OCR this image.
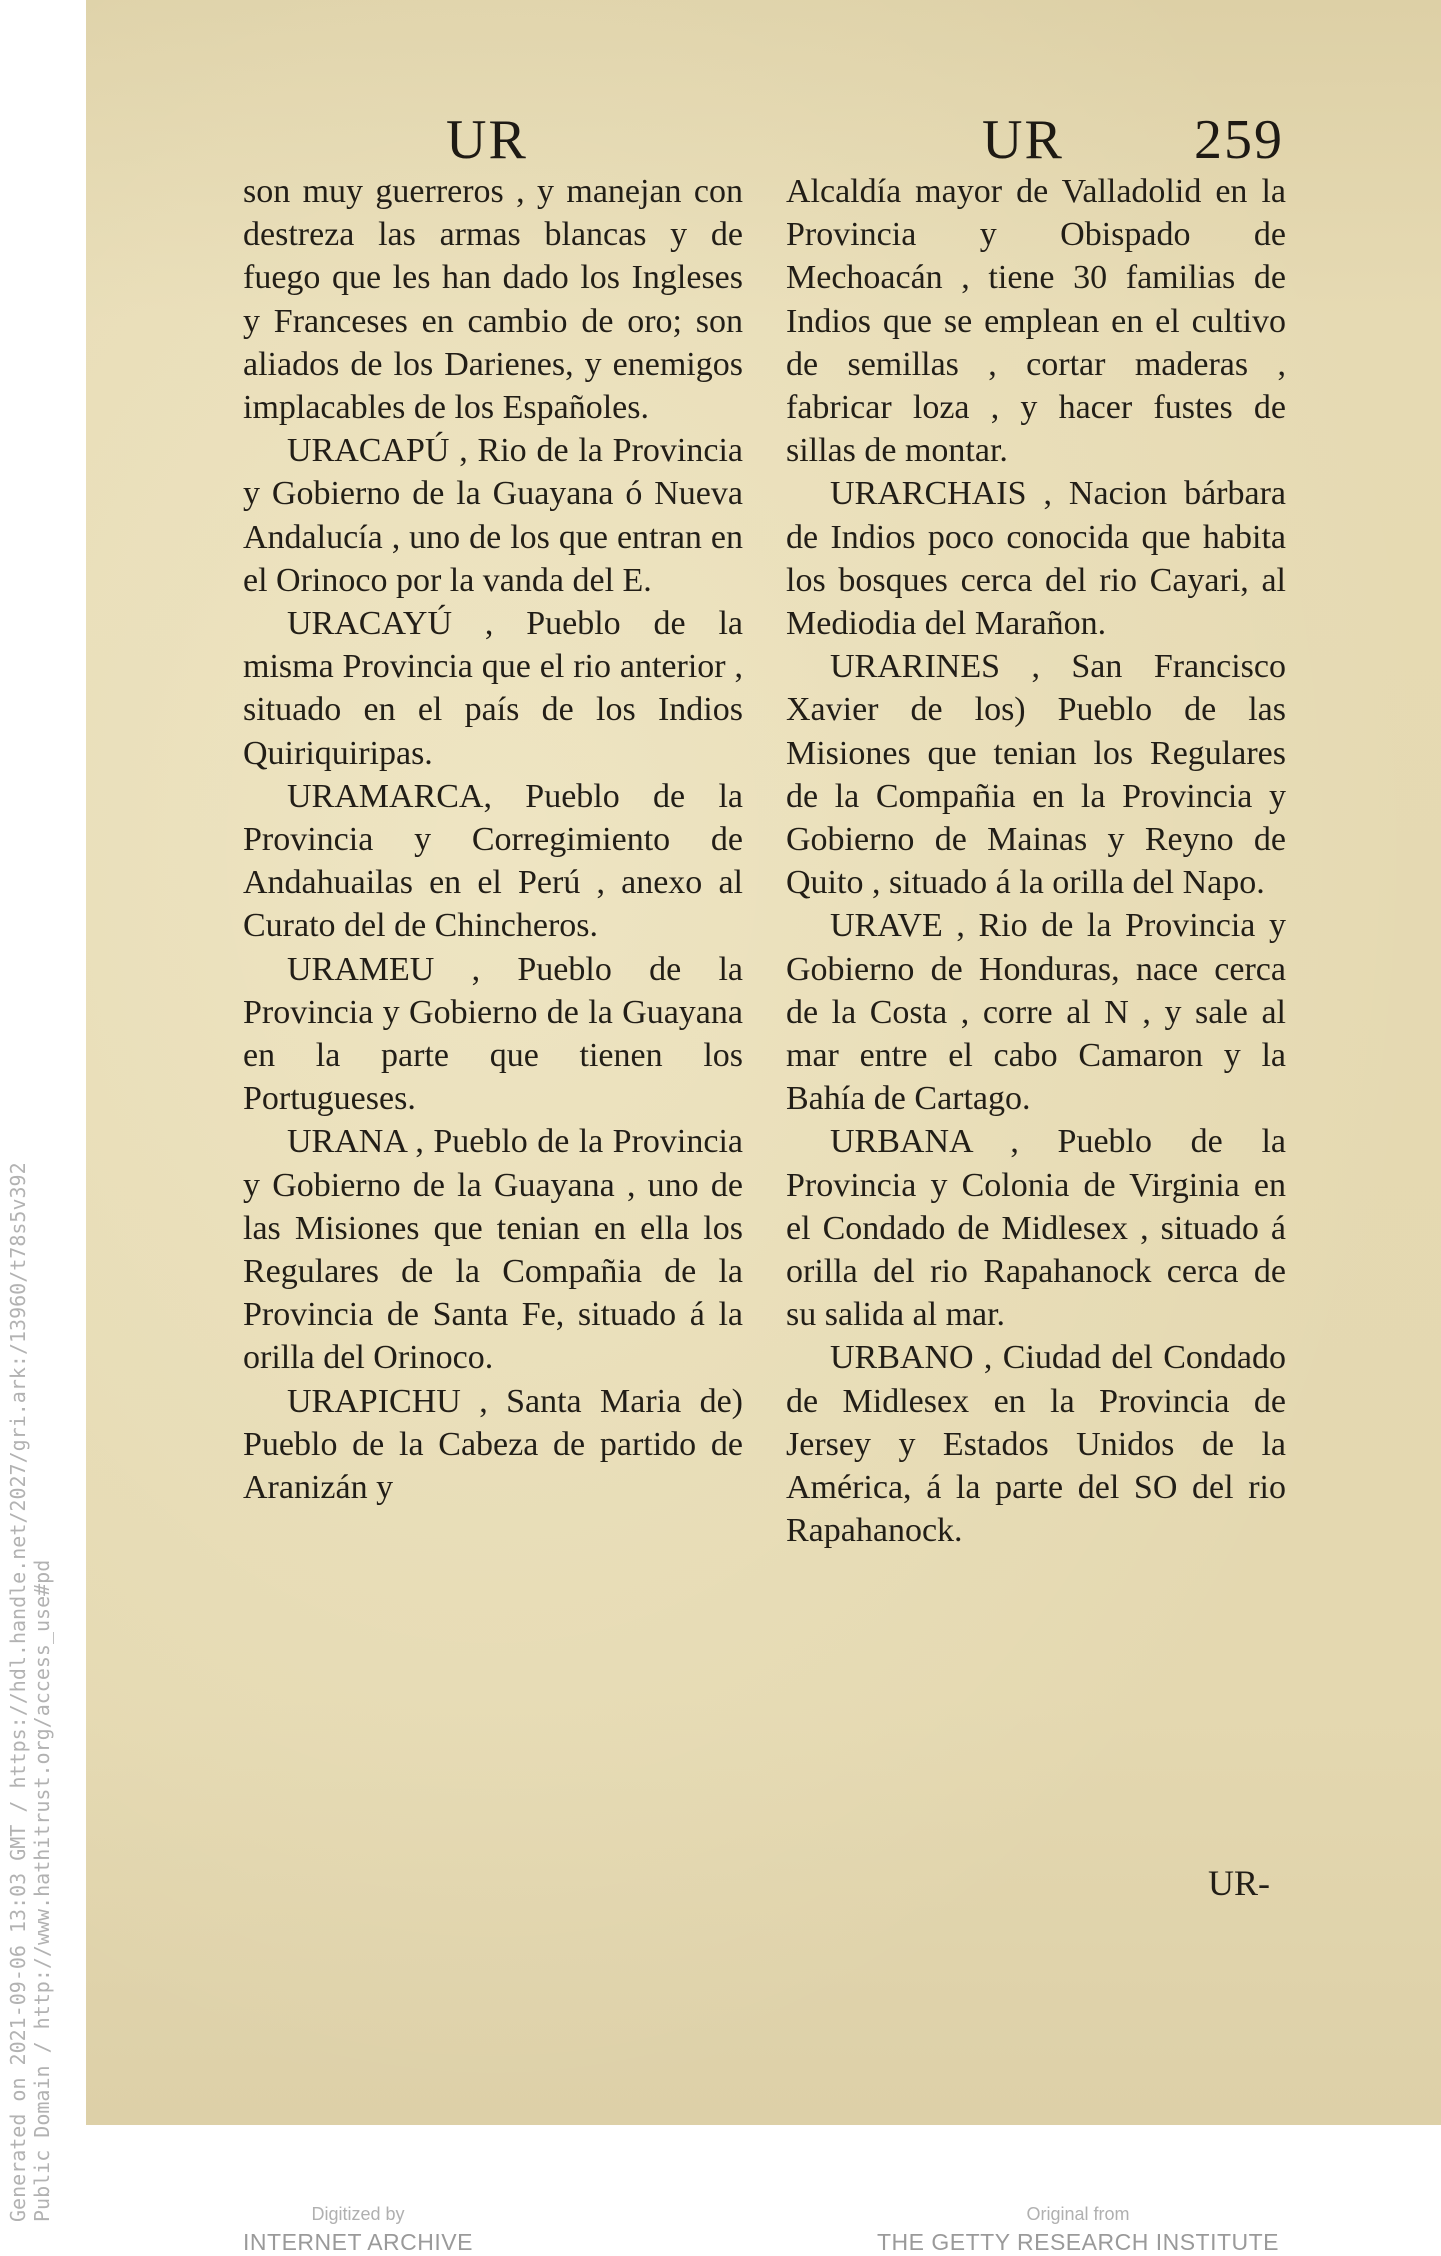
Generated on 2021-09-06 13:03 GMT / https://hdl.handle.net/2027/gri.ark:/13960/t78s5v392 Public Domain / http://www.hathitrust.org/access_use#pd
UR	UR 259

son muy guerreros , y manejan con destreza las armas blancas y de fuego que les han dado los Ingleses y Franceses en cambio de oro; son aliados de los Darienes, y enemigos implacables de los Españoles.

URACAPÚ , Rio de la Provincia y Gobierno de la Guayana ó Nueva Andalucía , uno de los que entran en el Orinoco por la vanda del E.

URACAYÚ , Pueblo de la misma Provincia que el rio anterior , situado en el país de los Indios Quiriquiripas.

URAMARCA, Pueblo de la Provincia y Corregimiento de Andahuailas en el Perú , anexo al Curato del de Chincheros.

URAMEU , Pueblo de la Provincia y Gobierno de la Guayana en la parte que tienen los Portugueses.

URANA , Pueblo de la Provincia y Gobierno de la Guayana , uno de las Misiones que tenian en ella los Regulares de la Compañia de la Provincia de Santa Fe, situado á la orilla del Orinoco.

URAPICHU , Santa Maria de) Pueblo de la Cabeza de partido de Aranizán y

Alcaldía mayor de Valladolid en la Provincia y Obispado de Mechoacán , tiene 30 familias de Indios que se emplean en el cultivo de semillas , cortar maderas , fabricar loza , y hacer fustes de sillas de montar.

URARCHAIS , Nacion bárbara de Indios poco conocida que habita los bosques cerca del rio Cayari, al Mediodia del Marañon.

URARINES , San Francisco Xavier de los) Pueblo de las Misiones que tenian los Regulares de la Compañia en la Provincia y Gobierno de Mainas y Reyno de Quito , situado á la orilla del Napo.

URAVE , Rio de la Provincia y Gobierno de Honduras, nace cerca de la Costa , corre al N , y sale al mar entre el cabo Camaron y la Bahía de Cartago.

URBANA , Pueblo de la Provincia y Colonia de Virginia en el Condado de Midlesex , situado á orilla del rio Rapahanock cerca de su salida al mar.

URBANO , Ciudad del Condado de Midlesex en la Provincia de Jersey y Estados Unidos de la América, á la parte del SO del rio Rapahanock.

UR-
Digitized by
INTERNET ARCHIVE
Original from
THE GETTY RESEARCH INSTITUTE
